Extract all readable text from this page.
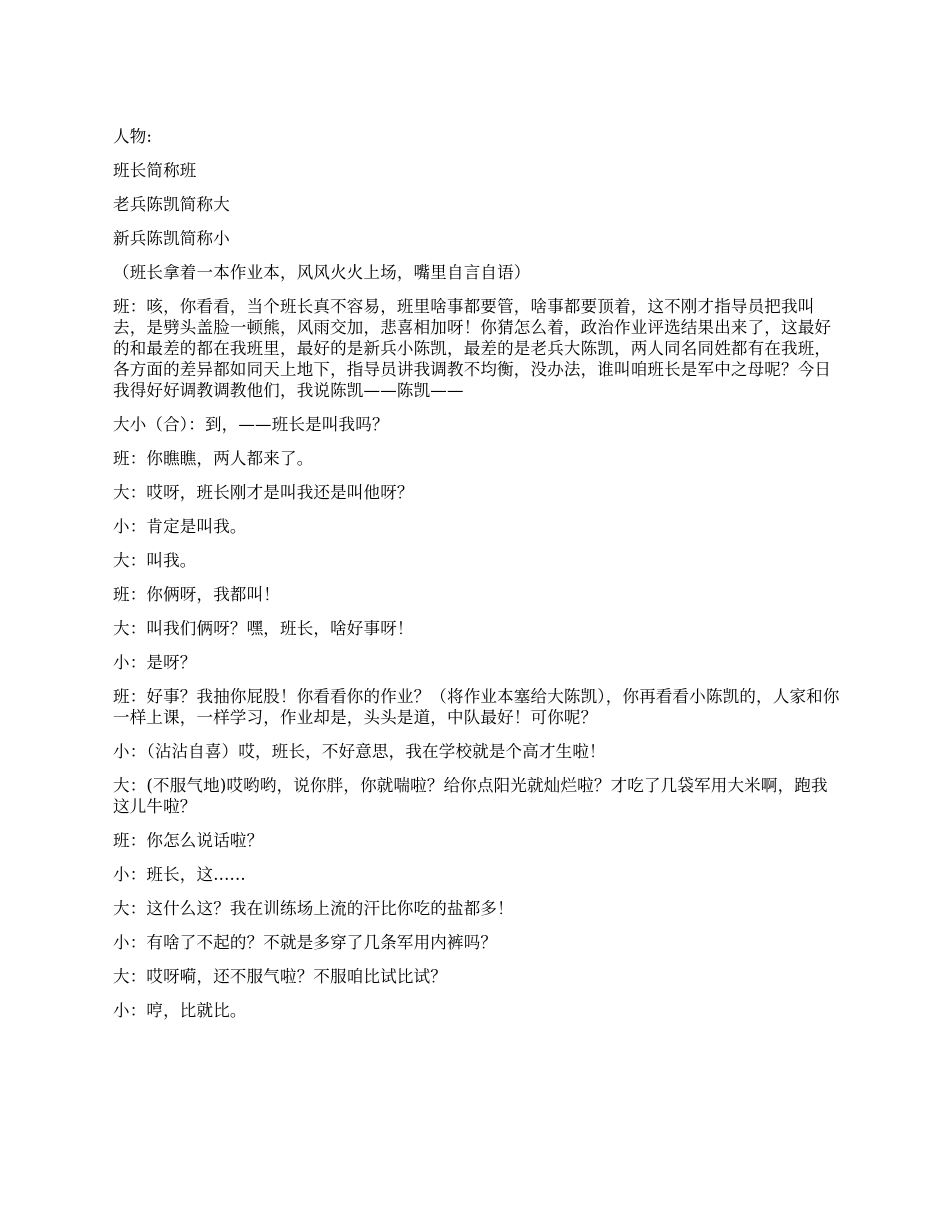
人物:

班长简称班

老兵陈凯简称大

新兵陈凯简称小

（班长拿着一本作业本，风风火火上场，嘴里自言自语）

班：咳，你看看，当个班长真不容易，班里啥事都要管，啥事都要顶着，这不刚才指导员把我叫去，是劈头盖脸一顿熊，风雨交加，悲喜相加呀！你猜怎么着，政治作业评选结果出来了，这最好的和最差的都在我班里，最好的是新兵小陈凯，最差的是老兵大陈凯，两人同名同姓都有在我班，各方面的差异都如同天上地下，指导员讲我调教不均衡，没办法，谁叫咱班长是军中之母呢？今日我得好好调教调教他们，我说陈凯——陈凯——

大小（合）：到，——班长是叫我吗？

班：你瞧瞧，两人都来了。

大：哎呀，班长刚才是叫我还是叫他呀？

小：肯定是叫我。

大：叫我。

班：你俩呀，我都叫！

大：叫我们俩呀？嘿，班长，啥好事呀！

小：是呀？

班：好事？我抽你屁股！你看看你的作业？（将作业本塞给大陈凯），你再看看小陈凯的，人家和你一样上课，一样学习，作业却是，头头是道，中队最好！可你呢？

小：（沾沾自喜）哎，班长，不好意思，我在学校就是个高才生啦！

大：(不服气地)哎哟哟，说你胖，你就喘啦？给你点阳光就灿烂啦？才吃了几袋军用大米啊，跑我这儿牛啦？

班：你怎么说话啦？

小：班长，这......

大：这什么这？我在训练场上流的汗比你吃的盐都多！

小：有啥了不起的？不就是多穿了几条军用内裤吗？

大：哎呀嗬，还不服气啦？不服咱比试比试？

小：哼，比就比。
